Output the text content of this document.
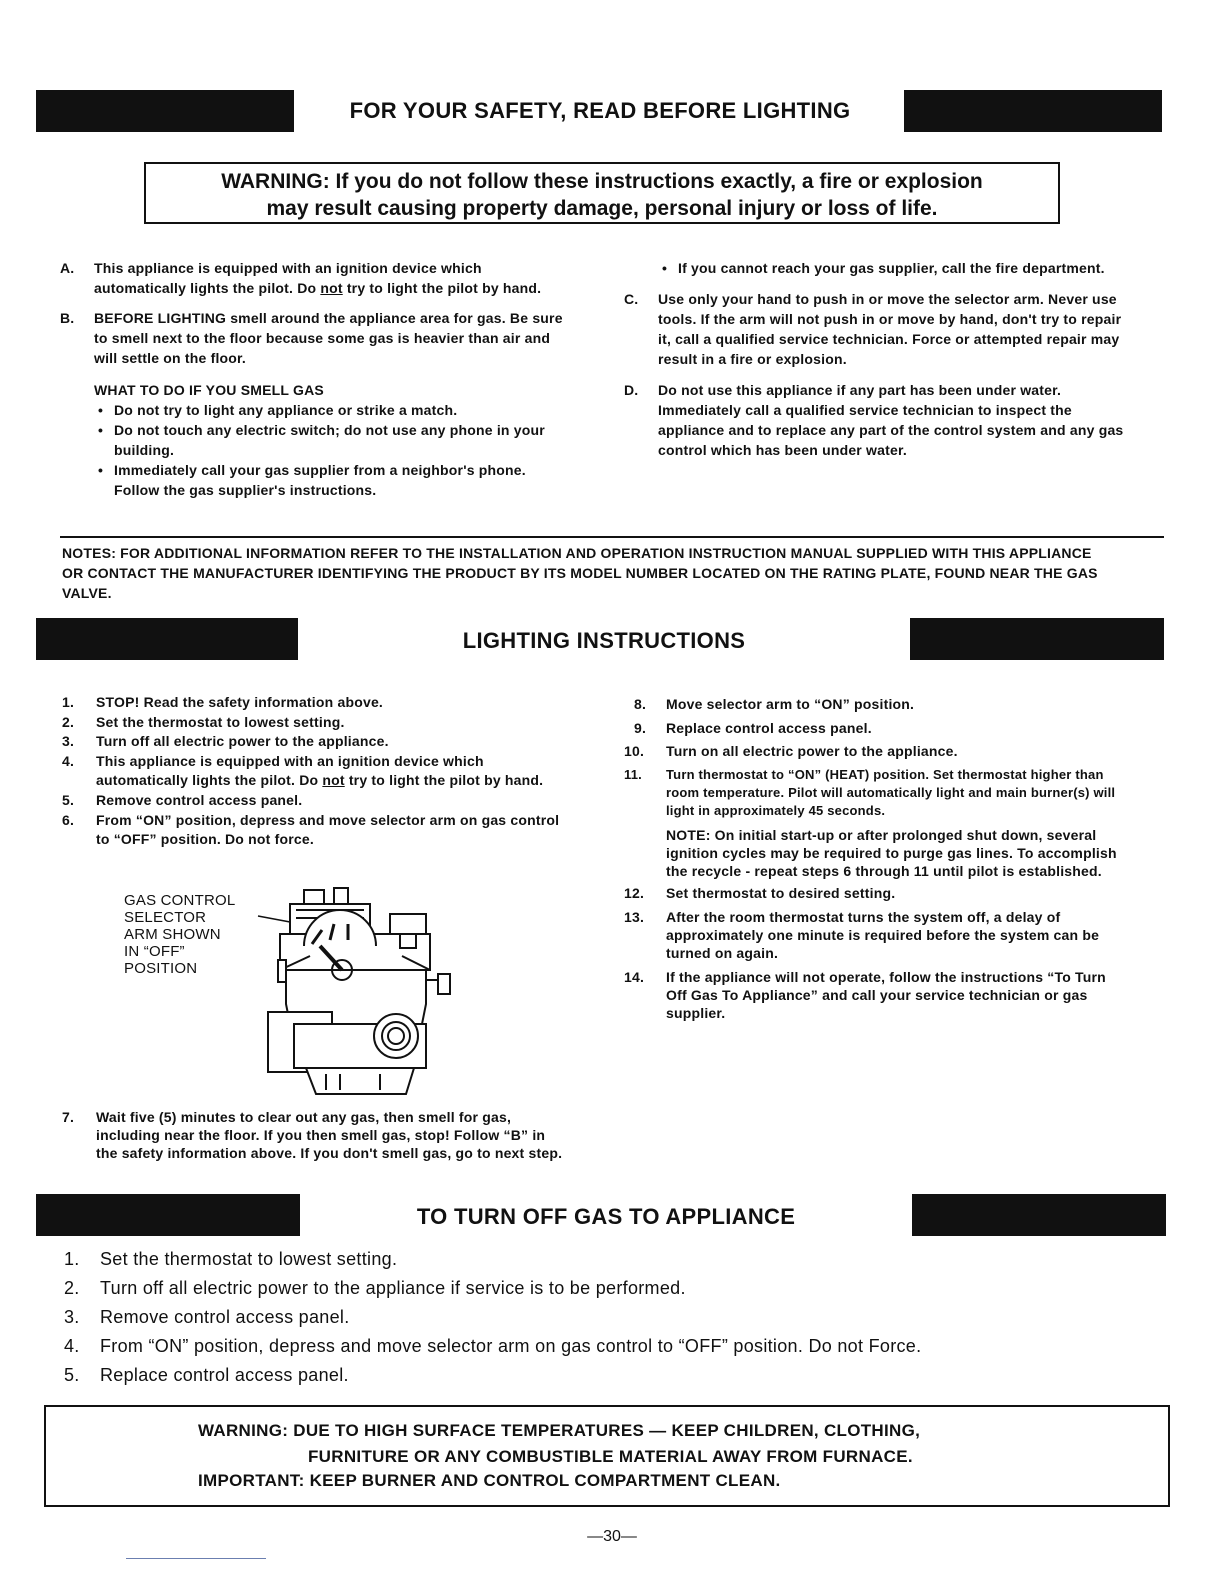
FOR YOUR SAFETY, READ BEFORE LIGHTING
WARNING: If you do not follow these instructions exactly, a fire or explosion
may result causing property damage, personal injury or loss of life.
A. This appliance is equipped with an ignition device which automatically lights the pilot. Do not try to light the pilot by hand.
B. BEFORE LIGHTING smell around the appliance area for gas. Be sure to smell next to the floor because some gas is heavier than air and will settle on the floor.
WHAT TO DO IF YOU SMELL GAS
• Do not try to light any appliance or strike a match.
• Do not touch any electric switch; do not use any phone in your building.
• Immediately call your gas supplier from a neighbor's phone. Follow the gas supplier's instructions.
• If you cannot reach your gas supplier, call the fire department.
C. Use only your hand to push in or move the selector arm. Never use tools. If the arm will not push in or move by hand, don't try to repair it, call a qualified service technician. Force or attempted repair may result in a fire or explosion.
D. Do not use this appliance if any part has been under water. Immediately call a qualified service technician to inspect the appliance and to replace any part of the control system and any gas control which has been under water.
NOTES: FOR ADDITIONAL INFORMATION REFER TO THE INSTALLATION AND OPERATION INSTRUCTION MANUAL SUPPLIED WITH THIS APPLIANCE OR CONTACT THE MANUFACTURER IDENTIFYING THE PRODUCT BY ITS MODEL NUMBER LOCATED ON THE RATING PLATE, FOUND NEAR THE GAS VALVE.
LIGHTING INSTRUCTIONS
1. STOP! Read the safety information above.
2. Set the thermostat to lowest setting.
3. Turn off all electric power to the appliance.
4. This appliance is equipped with an ignition device which automatically lights the pilot. Do not try to light the pilot by hand.
5. Remove control access panel.
6. From “ON” position, depress and move selector arm on gas control to “OFF” position. Do not force.
GAS CONTROL
SELECTOR
ARM SHOWN
IN “OFF”
POSITION
7. Wait five (5) minutes to clear out any gas, then smell for gas, including near the floor. If you then smell gas, stop! Follow “B” in the safety information above. If you don't smell gas, go to next step.
8. Move selector arm to “ON” position.
9. Replace control access panel.
10. Turn on all electric power to the appliance.
11. Turn thermostat to “ON” (HEAT) position. Set thermostat higher than room temperature. Pilot will automatically light and main burner(s) will light in approximately 45 seconds.
NOTE: On initial start-up or after prolonged shut down, several ignition cycles may be required to purge gas lines. To accomplish the recycle - repeat steps 6 through 11 until pilot is established.
12. Set thermostat to desired setting.
13. After the room thermostat turns the system off, a delay of approximately one minute is required before the system can be turned on again.
14. If the appliance will not operate, follow the instructions “To Turn Off Gas To Appliance” and call your service technician or gas supplier.
TO TURN OFF GAS TO APPLIANCE
1. Set the thermostat to lowest setting.
2. Turn off all electric power to the appliance if service is to be performed.
3. Remove control access panel.
4. From “ON” position, depress and move selector arm on gas control to “OFF” position. Do not Force.
5. Replace control access panel.
WARNING: DUE TO HIGH SURFACE TEMPERATURES — KEEP CHILDREN, CLOTHING,
FURNITURE OR ANY COMBUSTIBLE MATERIAL AWAY FROM FURNACE.
IMPORTANT: KEEP BURNER AND CONTROL COMPARTMENT CLEAN.
—30—
